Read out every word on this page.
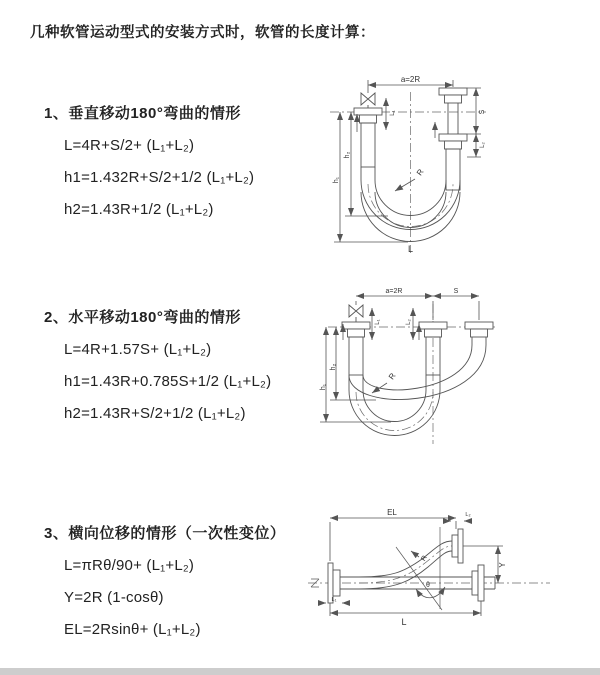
几种软管运动型式的安装方式时，软管的长度计算：
1、垂直移动180°弯曲的情形
L=4R+S/2+ (L₁+L₂)
h1=1.432R+S/2+1/2 (L₁+L₂)
h2=1.43R+1/2 (L₁+L₂)
2、水平移动180°弯曲的情形
L=4R+1.57S+ (L₁+L₂)
h1=1.43R+0.785S+1/2 (L₁+L₂)
h2=1.43R+S/2+1/2 (L₁+L₂)
3、横向位移的情形（一次性变位）
L=πRθ/90+ (L₁+L₂)
Y=2R (1-cosθ)
EL=2Rsinθ+ (L₁+L₂)
a=2R
h₁
h₂
L₁	S
L₂
R
L
a=2R	S
h₁
h₂
L₁	L₂
R
EL	L₂
Y
L
L₁
θ
R
